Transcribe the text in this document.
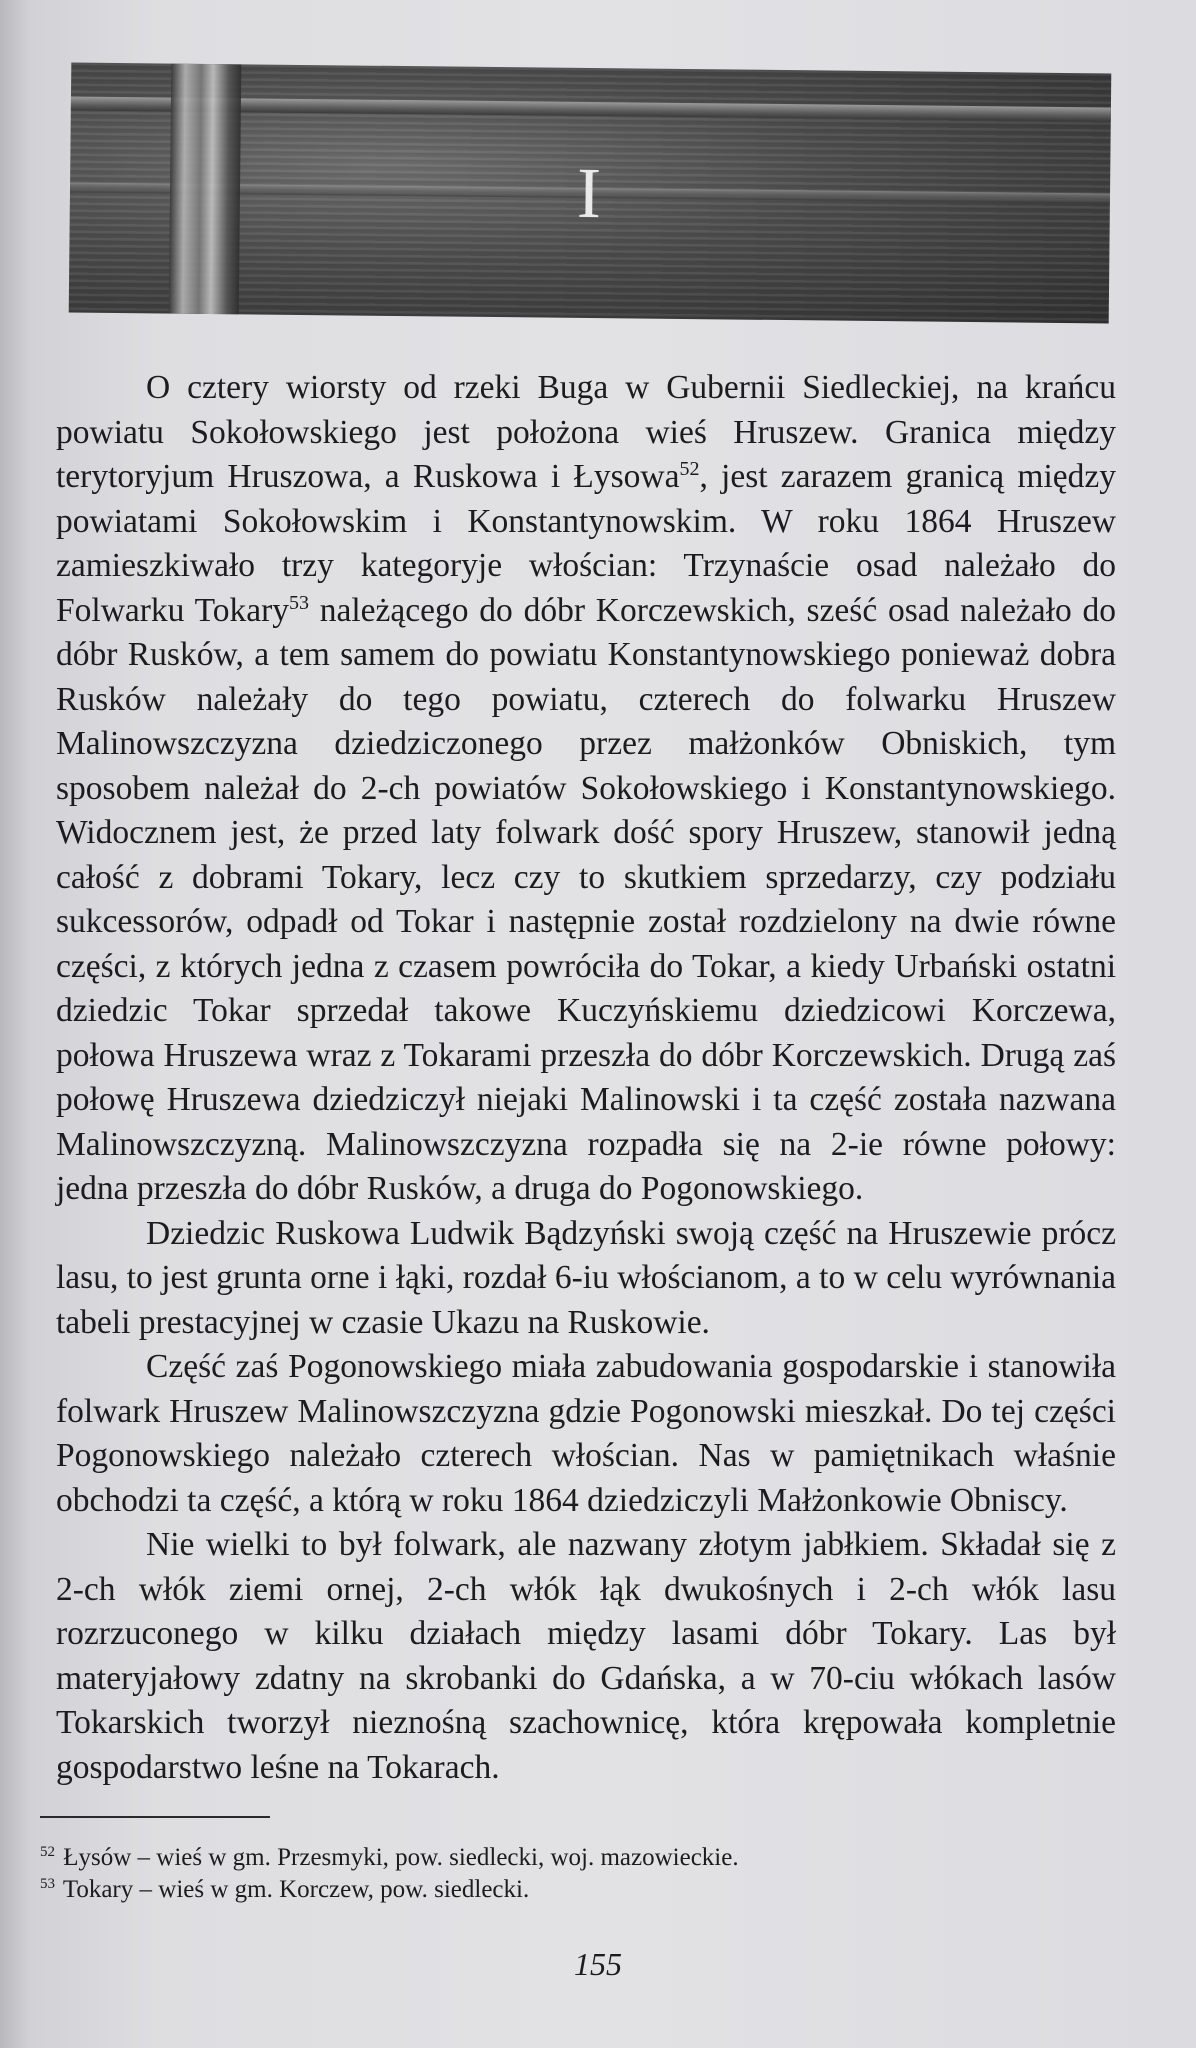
I

O cztery wiorsty od rzeki Buga w Gubernii Siedleckiej, na krańcu powiatu Sokołowskiego jest położona wieś Hruszew. Granica między terytoryjum Hruszowa, a Ruskowa i Łysowa$^{52}$, jest zarazem granicą między powiatami Sokołowskim i Konstantynowskim. W roku 1864 Hruszew zamieszkiwało trzy kategoryje włościan: Trzynaście osad należało do Folwarku Tokary$^{53}$ należącego do dóbr Korczewskich, sześć osad należało do dóbr Rusków, a tem samem do powiatu Konstantynowskiego ponieważ dobra Rusków należały do tego powiatu, czterech do folwarku Hruszew Malinowszczyzna dziedziczonego przez małżonków Obniskich, tym sposobem należał do 2-ch powiatów Sokołowskiego i Konstantynowskiego. Widocznem jest, że przed laty folwark dość spory Hruszew, stanowił jedną całość z dobrami Tokary, lecz czy to skutkiem sprzedarzy, czy podziału sukcessorów, odpadł od Tokar i następnie został rozdzielony na dwie równe części, z których jedna z czasem powróciła do Tokar, a kiedy Urbański ostatni dziedzic Tokar sprzedał takowe Kuczyńskiemu dziedzicowi Korczewa, połowa Hruszewa wraz z Tokarami przeszła do dóbr Korczewskich. Drugą zaś połowę Hruszewa dziedziczył niejaki Malinowski i ta część została nazwana Malinowszczyzną. Malinowszczyzna rozpadła się na 2-ie równe połowy: jedna przeszła do dóbr Rusków, a druga do Pogonowskiego.

Dziedzic Ruskowa Ludwik Bądzyński swoją część na Hruszewie prócz lasu, to jest grunta orne i łąki, rozdał 6-iu włościanom, a to w celu wyrównania tabeli prestacyjnej w czasie Ukazu na Ruskowie.

Część zaś Pogonowskiego miała zabudowania gospodarskie i stanowiła folwark Hruszew Malinowszczyzna gdzie Pogonowski mieszkał. Do tej części Pogonowskiego należało czterech włościan. Nas w pamiętnikach właśnie obchodzi ta część, a którą w roku 1864 dziedziczyli Małżonkowie Obniscy.

Nie wielki to był folwark, ale nazwany złotym jabłkiem. Składał się z 2-ch włók ziemi ornej, 2-ch włók łąk dwukośnych i 2-ch włók lasu rozrzuconego w kilku działach między lasami dóbr Tokary. Las był materyjałowy zdatny na skrobanki do Gdańska, a w 70-ciu włókach lasów Tokarskich tworzył nieznośną szachownicę, która krępowała kompletnie gospodarstwo leśne na Tokarach.

$^{52}$ Łysów – wieś w gm. Przesmyki, pow. siedlecki, woj. mazowieckie.

$^{53}$ Tokary – wieś w gm. Korczew, pow. siedlecki.

155
